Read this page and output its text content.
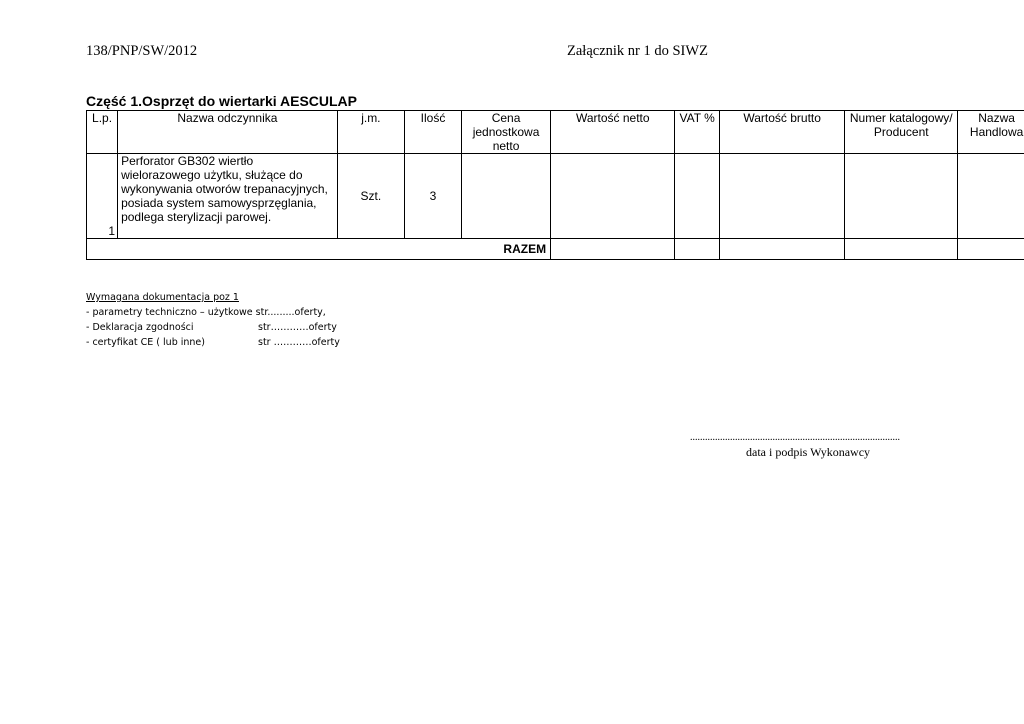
138/PNP/SW/2012	Załącznik nr 1 do SIWZ
Część 1.Osprzęt do wiertarki AESCULAP
L.p.	Nazwa odczynnika	j.m.	Ilość	Cena jednostkowa netto	Wartość netto	VAT %	Wartość brutto	Numer katalogowy/ Producent	Nazwa Handlowa
1	Perforator GB302 wiertło wielorazowego użytku, służące do wykonywania otworów trepanacyjnych, posiada system samowysprzęglania, podlega sterylizacji parowej.	Szt.	3						
RAZEM									
Wymagana dokumentacja poz 1
- parametry techniczno – użytkowe str.........oferty,
- Deklaracja zgodności	str…………oferty
- certyfikat CE ( lub inne)	str …………oferty
....................................................................................
data i podpis Wykonawcy
